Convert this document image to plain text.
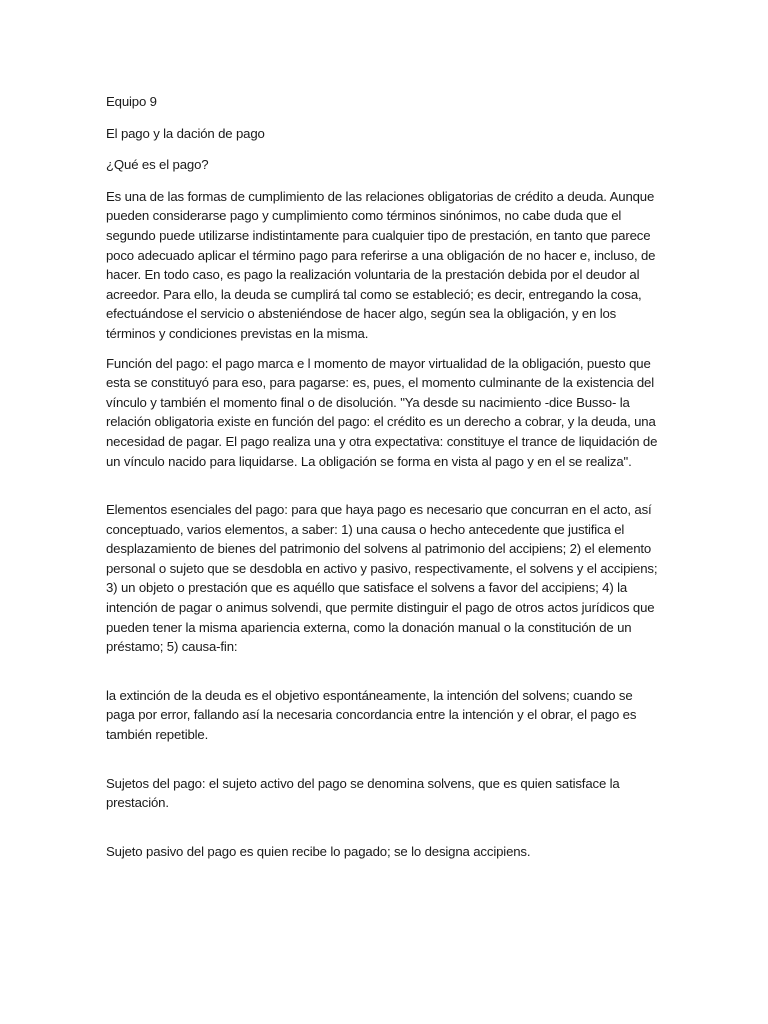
Equipo 9

El pago y la dación de pago

¿Qué es el pago?

Es una de las formas de cumplimiento de las relaciones obligatorias de crédito a deuda. Aunque pueden considerarse pago y cumplimiento como términos sinónimos, no cabe duda que el segundo puede utilizarse indistintamente para cualquier tipo de prestación, en tanto que parece poco adecuado aplicar el término pago para referirse a una obligación de no hacer e, incluso, de hacer. En todo caso, es pago la realización voluntaria de la prestación debida por el deudor al acreedor. Para ello, la deuda se cumplirá tal como se estableció; es decir, entregando la cosa, efectuándose el servicio o absteniéndose de hacer algo, según sea la obligación, y en los términos y condiciones previstas en la misma.

Función del pago: el pago marca e l momento de mayor virtualidad de la obligación, puesto que esta se constituyó para eso, para pagarse: es, pues, el momento culminante de la existencia del vínculo y también el momento final o de disolución. "Ya desde su nacimiento -dice Busso- la relación obligatoria existe en función del pago: el crédito es un derecho a cobrar, y la deuda, una necesidad de pagar. El pago realiza una y otra expectativa: constituye el trance de liquidación de un vínculo nacido para liquidarse. La obligación se forma en vista al pago y en el se realiza".

Elementos esenciales del pago: para que haya pago es necesario que concurran en el acto, así conceptuado, varios elementos, a saber: 1) una causa o hecho antecedente que justifica el desplazamiento de bienes del patrimonio del solvens al patrimonio del accipiens; 2) el elemento personal o sujeto que se desdobla en activo y pasivo, respectivamente, el solvens y el accipiens; 3) un objeto o prestación que es aquéllo que satisface el solvens a favor del accipiens; 4) la intención de pagar o animus solvendi, que permite distinguir el pago de otros actos jurídicos que pueden tener la misma apariencia externa, como la donación manual o la constitución de un préstamo; 5) causa-fin:

la extinción de la deuda es el objetivo espontáneamente, la intención del solvens; cuando se paga por error, fallando así la necesaria concordancia entre la intención y el obrar, el pago es también repetible.

Sujetos del pago: el sujeto activo del pago se denomina solvens, que es quien satisface la prestación.

Sujeto pasivo del pago es quien recibe lo pagado; se lo designa accipiens.
